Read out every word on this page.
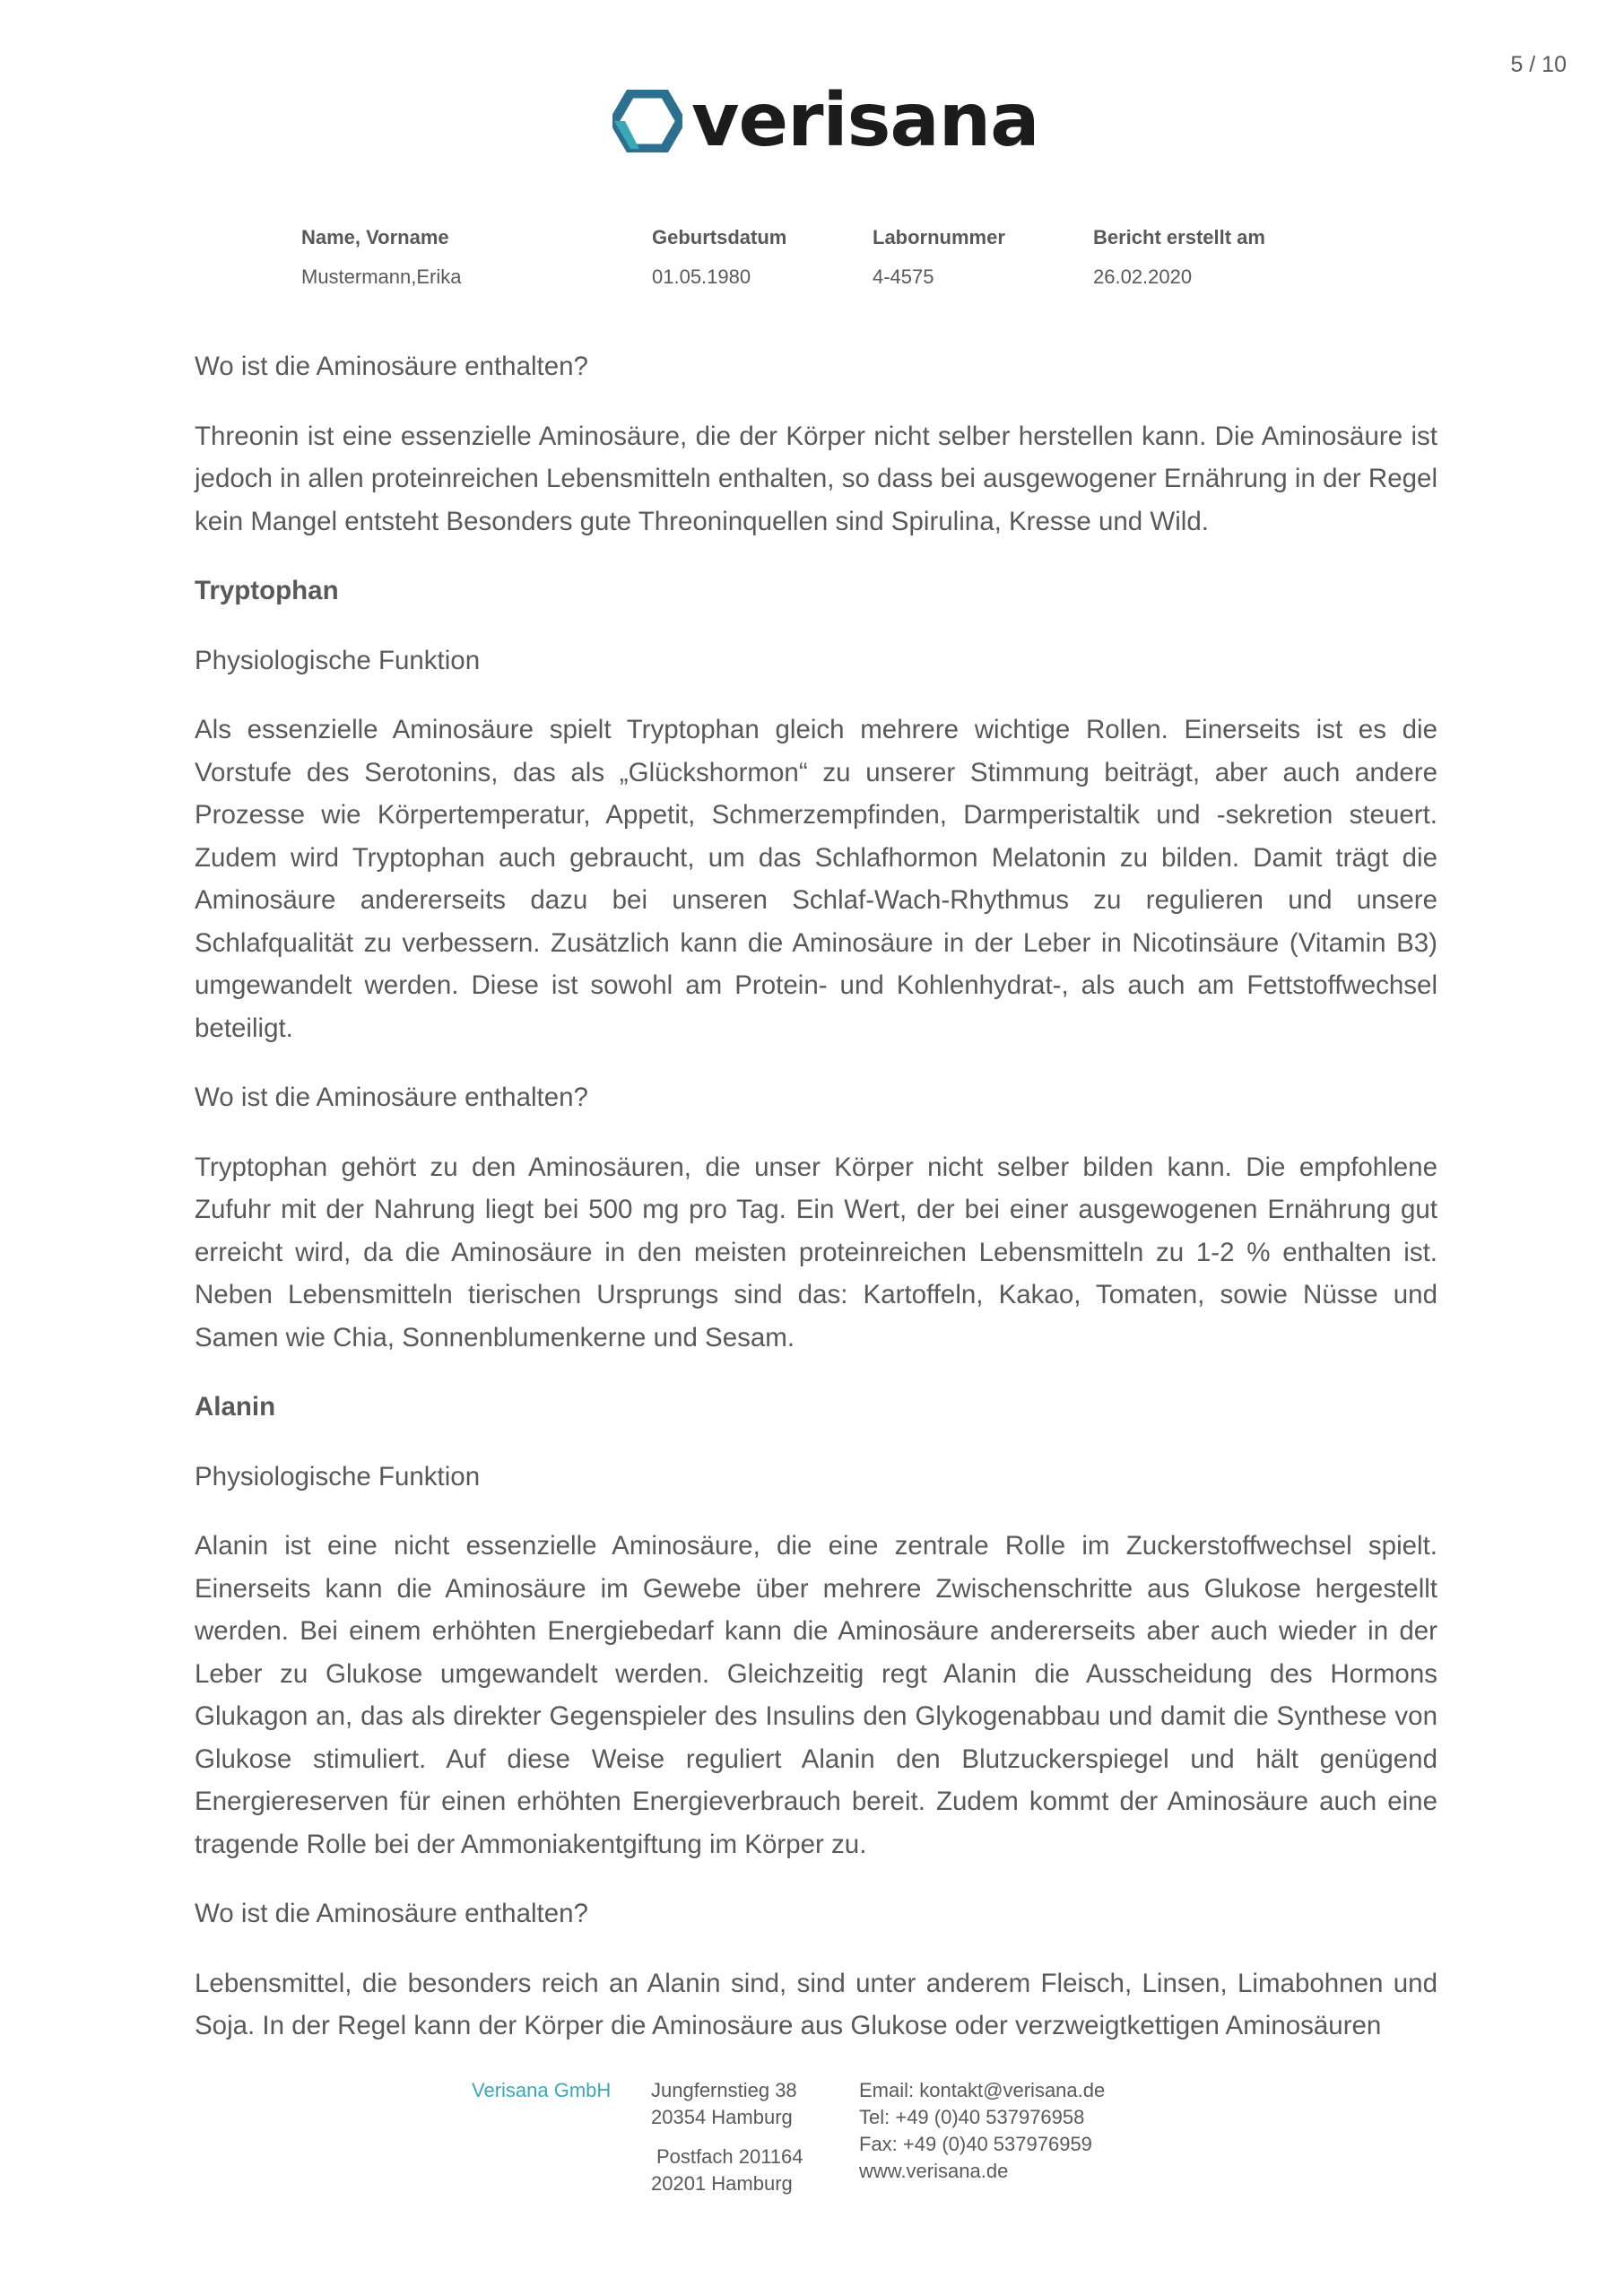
5 / 10
verisana
Name, Vorname	Geburtsdatum	Labornummer	Bericht erstellt am
Mustermann,Erika	01.05.1980	4-4575	26.02.2020

Wo ist die Aminosäure enthalten?

Threonin ist eine essenzielle Aminosäure, die der Körper nicht selber herstellen kann. Die Aminosäure ist jedoch in allen proteinreichen Lebensmitteln enthalten, so dass bei ausgewogener Ernährung in der Regel kein Mangel entsteht Besonders gute Threoninquellen sind Spirulina, Kresse und Wild.

Tryptophan

Physiologische Funktion

Als essenzielle Aminosäure spielt Tryptophan gleich mehrere wichtige Rollen. Einerseits ist es die Vorstufe des Serotonins, das als „Glückshormon“ zu unserer Stimmung beiträgt, aber auch andere Prozesse wie Körpertemperatur, Appetit, Schmerzempfinden, Darmperistaltik und -sekretion steuert. Zudem wird Tryptophan auch gebraucht, um das Schlafhormon Melatonin zu bilden. Damit trägt die Aminosäure andererseits dazu bei unseren Schlaf-Wach-Rhythmus zu regulieren und unsere Schlafqualität zu verbessern. Zusätzlich kann die Aminosäure in der Leber in Nicotinsäure (Vitamin B3) umgewandelt werden. Diese ist sowohl am Protein- und Kohlenhydrat-, als auch am Fettstoffwechsel beteiligt.

Wo ist die Aminosäure enthalten?

Tryptophan gehört zu den Aminosäuren, die unser Körper nicht selber bilden kann. Die empfohlene Zufuhr mit der Nahrung liegt bei 500 mg pro Tag. Ein Wert, der bei einer ausgewogenen Ernährung gut erreicht wird, da die Aminosäure in den meisten proteinreichen Lebensmitteln zu 1-2 % enthalten ist. Neben Lebensmitteln tierischen Ursprungs sind das: Kartoffeln, Kakao, Tomaten, sowie Nüsse und Samen wie Chia, Sonnenblumenkerne und Sesam.

Alanin

Physiologische Funktion

Alanin ist eine nicht essenzielle Aminosäure, die eine zentrale Rolle im Zuckerstoffwechsel spielt. Einerseits kann die Aminosäure im Gewebe über mehrere Zwischenschritte aus Glukose hergestellt werden. Bei einem erhöhten Energiebedarf kann die Aminosäure andererseits aber auch wieder in der Leber zu Glukose umgewandelt werden. Gleichzeitig regt Alanin die Ausscheidung des Hormons Glukagon an, das als direkter Gegenspieler des Insulins den Glykogenabbau und damit die Synthese von Glukose stimuliert. Auf diese Weise reguliert Alanin den Blutzuckerspiegel und hält genügend Energiereserven für einen erhöhten Energieverbrauch bereit. Zudem kommt der Aminosäure auch eine tragende Rolle bei der Ammoniakentgiftung im Körper zu.

Wo ist die Aminosäure enthalten?

Lebensmittel, die besonders reich an Alanin sind, sind unter anderem Fleisch, Linsen, Limabohnen und Soja. In der Regel kann der Körper die Aminosäure aus Glukose oder verzweigtkettigen Aminosäuren

Verisana GmbH	Jungfernstieg 38
20354 Hamburg
Postfach 201164
20201 Hamburg
Email: kontakt@verisana.de
Tel: +49 (0)40 537976958
Fax: +49 (0)40 537976959
www.verisana.de
